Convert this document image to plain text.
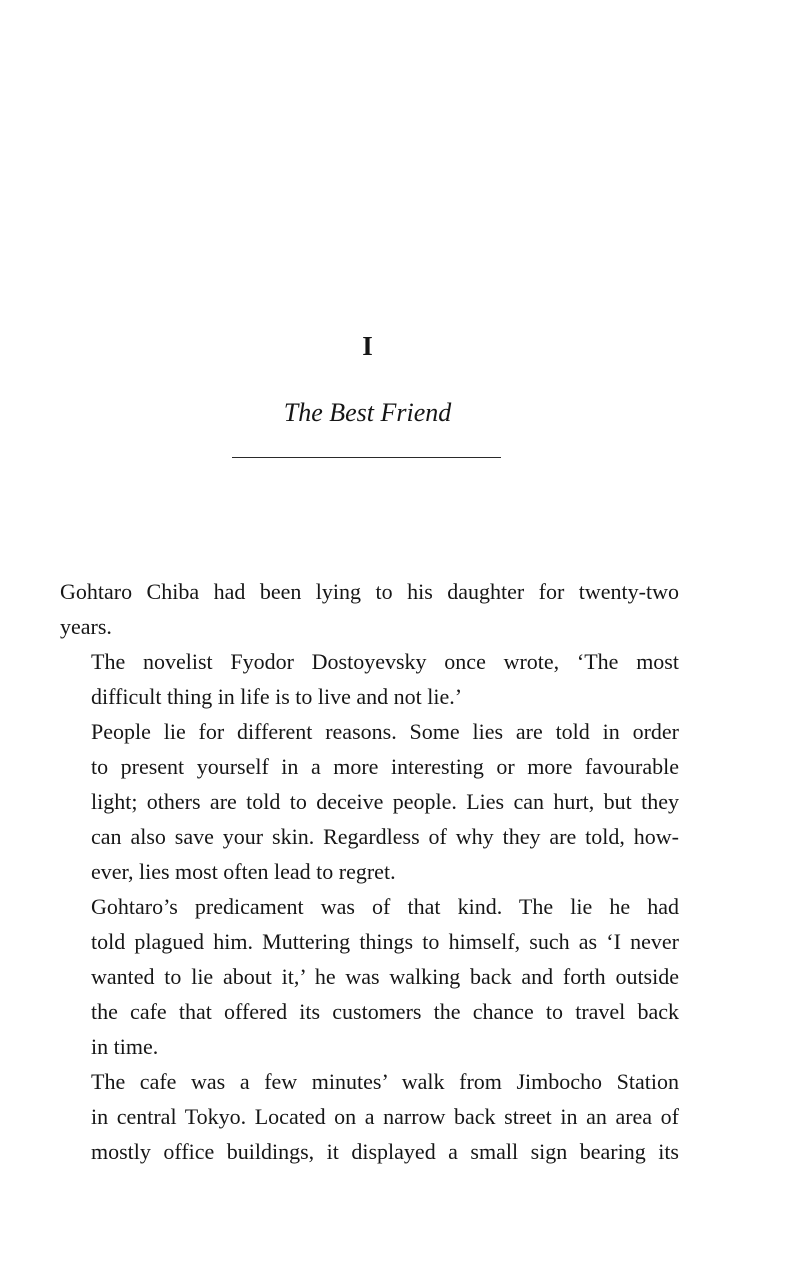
I
The Best Friend

Gohtaro Chiba had been lying to his daughter for twenty-two
years.

The novelist Fyodor Dostoyevsky once wrote, ‘The most
difficult thing in life is to live and not lie.’

People lie for different reasons. Some lies are told in order
to present yourself in a more interesting or more favourable
light; others are told to deceive people. Lies can hurt, but they
can also save your skin. Regardless of why they are told, how-
ever, lies most often lead to regret.

Gohtaro’s predicament was of that kind. The lie he had
told plagued him. Muttering things to himself, such as ‘I never
wanted to lie about it,’ he was walking back and forth outside
the cafe that offered its customers the chance to travel back
in time.

The cafe was a few minutes’ walk from Jimbocho Station
in central Tokyo. Located on a narrow back street in an area of
mostly office buildings, it displayed a small sign bearing its
